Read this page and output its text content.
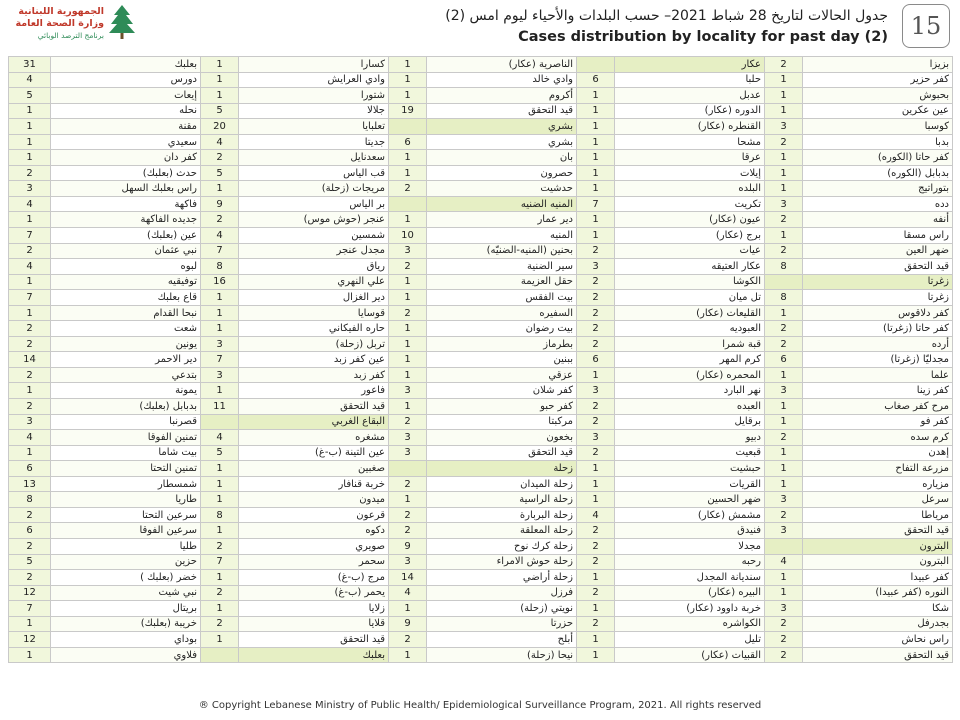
الجمهورية اللبنانية
وزارة الصحة العامة
برنامج الترصد الوبائي
جدول الحالات لتاريخ 28 شباط 2021– حسب البلدات والأحياء ليوم امس (2)
Cases distribution by locality for past day (2) 15
بزيزا	2	عكار		الناصرية (عكار)	1	كسارا	1	بعلبك	31
كفر حزير	1	حلبا	6	وادي خالد	1	وادي العرايش	1	دورس	4
بحبوش	1	عدبل	1	أكروم	1	شتورا	1	إيعات	5
عين عكرين	1	الدوره (عكار)	1	قيد التحقق	19	جلالا	5	نحله	1
كوسبا	3	القنطره (عكار)	1	بشري		تعلبايا	20	مقنة	1
بدبا	2	مشحا	1	بشري	6	جديتا	4	سعيدي	1
كفر حاتا (الكوره)	1	عرقا	1	بان	1	سعدنايل	2	كفر دان	1
بدبابل (الكوره)	1	إيلات	1	حصرون	1	قب الياس	5	حدث (بعلبك)	2
بتوراتيج	1	البلده	1	حدشيت	2	مريجات (زحلة)	1	راس بعلبك السهل	3
دده	3	تكريت	7	المنيه الضنيه		بر الياس	9	فاكهة	4
أنفه	2	عيون (عكار)	1	دير عمار	1	عنجر (حوش موس)	2	جديده الفاكهة	1
راس مسقا	1	برج (عكار)	1	المنيه	10	شمسين	4	عين (بعلبك)	7
ضهر العين	2	عيات	2	بحنين (المنيه-الضنيّه)	3	مجدل عنجر	7	نبي عثمان	2
قيد التحقق	8	عكار العتيقه	3	سير الضنية	2	رياق	8	لبوه	4
زغرتا		الكوشا	2	حقل العزيمة	1	علي النهري	16	توفيقيه	1
زغرتا	8	تل ميان	2	بيت الفقس	1	دير الغزال	1	قاع بعلبك	7
كفر دلاقوس	1	القليعات (عكار)	2	السفيره	2	قوسايا	1	نبحا القدام	1
كفر حاتا (زغرتا)	2	العبوديه	2	بيت رضوان	1	حاره الفيكاني	1	شعت	2
أرده	2	قبة شمرا	2	بطرماز	1	تربل (زحلة)	3	يونين	2
مجدليّا (زغرتا)	6	كرم المهر	6	ببنين	1	عين كفر زبد	7	دير الاحمر	14
علما	1	المحمره (عكار)	1	عزقي	1	كفر زبد	3	بتدعي	2
كفر زينا	3	نهر البارد	3	كفر شلان	3	فاعور	1	يمونة	1
مرح كفر صغاب	1	العبده	2	كفر حبو	1	قيد التحقق	11	بدبابل (بعلبك)	2
كفر فو	1	برقايل	2	مركبتا	2	البقاع الغربي		قصرنبا	3
كرم سده	2	دبيو	3	بخعون	3	مشغره	4	تمنين الفوقا	4
إهدن	1	قبعيت	2	قيد التحقق	3	عين التينة (ب-غ)	5	بيت شاما	1
مزرعة التفاح	1	حبشيت	1	زحلة		صغبين	1	تمنين التحتا	6
مزياره	1	القريات	1	زحلة الميدان	2	خربة قنافار	1	شمسطار	13
سرعل	3	ضهر الحسين	1	زحلة الراسية	1	ميدون	1	طاريا	8
مرياطا	2	مشمش (عكار)	4	زحلة البربارة	2	قرعون	8	سرعين التحتا	2
قيد التحقق	3	فنيدق	2	زحلة المعلقة	2	دكوه	1	سرعين الفوقا	6
البترون		مجدلا	2	زحلة كرك نوح	9	صويري	2	طليا	2
البترون	4	رحبه	2	زحلة حوش الامراء	3	سحمر	7	حزين	5
كفر عبيدا	1	سنديانة المجدل	1	زحلة أراضي	14	مرج (ب-غ)	1	خضر (بعلبك )	2
النوره (كفر عبيدا)	1	البيره (عكار)	2	فرزل	4	يحمر (ب-غ)	2	نبي شيت	12
شكا	3	خربة داوود (عكار)	1	نويتي (زحلة)	1	زلايا	1	بريتال	7
بجدرفل	2	الكواشره	2	حزرتا	9	قلايا	2	خريبة (بعلبك)	1
راس نحاش	2	تليل	1	أبلح	2	قيد التحقق	1	بوداي	12
قيد التحقق	2	القبيات (عكار)	1	نيحا (زحلة)	1	بعلبك		فلاوي	1
® Copyright Lebanese Ministry of Public Health/ Epidemiological Surveillance Program, 2021. All rights reserved
